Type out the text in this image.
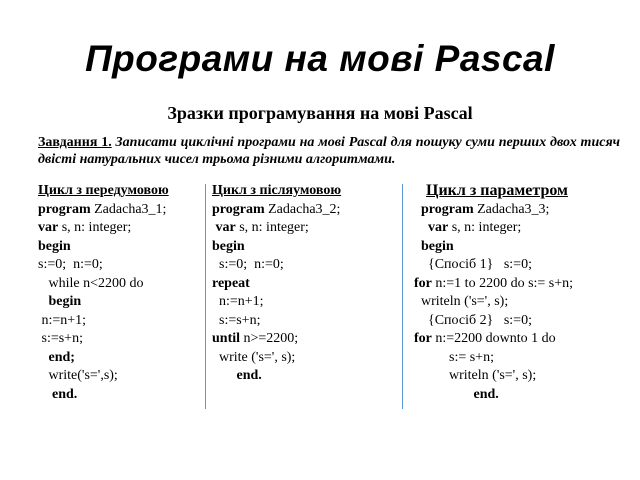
Програми на мові Pascal
Зразки програмування на мові Pascal
Завдання 1. Записати циклічні програми на мові Pascal для пошуку суми перших двох тисяч двісті натуральних чисел трьома різними алгоритмами.
Цикл з передумовою
program Zadacha3_1;
var s, n: integer;
begin
s:=0;  n:=0;
while n<2200 do
begin
n:=n+1;
s:=s+n;
end;
write('s=',s);
end.
Цикл з післяумовою
program Zadacha3_2;
var s, n: integer;
begin
s:=0;  n:=0;
repeat
n:=n+1;
s:=s+n;
until n>=2200;
write ('s=', s);
end.
Цикл з параметром
program Zadacha3_3;
var s, n: integer;
begin
{Спосіб 1}   s:=0;
for n:=1 to 2200 do s:= s+n;
writeln ('s=', s);
{Спосіб 2}   s:=0;
for n:=2200 downto 1 do
s:= s+n;
writeln ('s=', s);
end.
